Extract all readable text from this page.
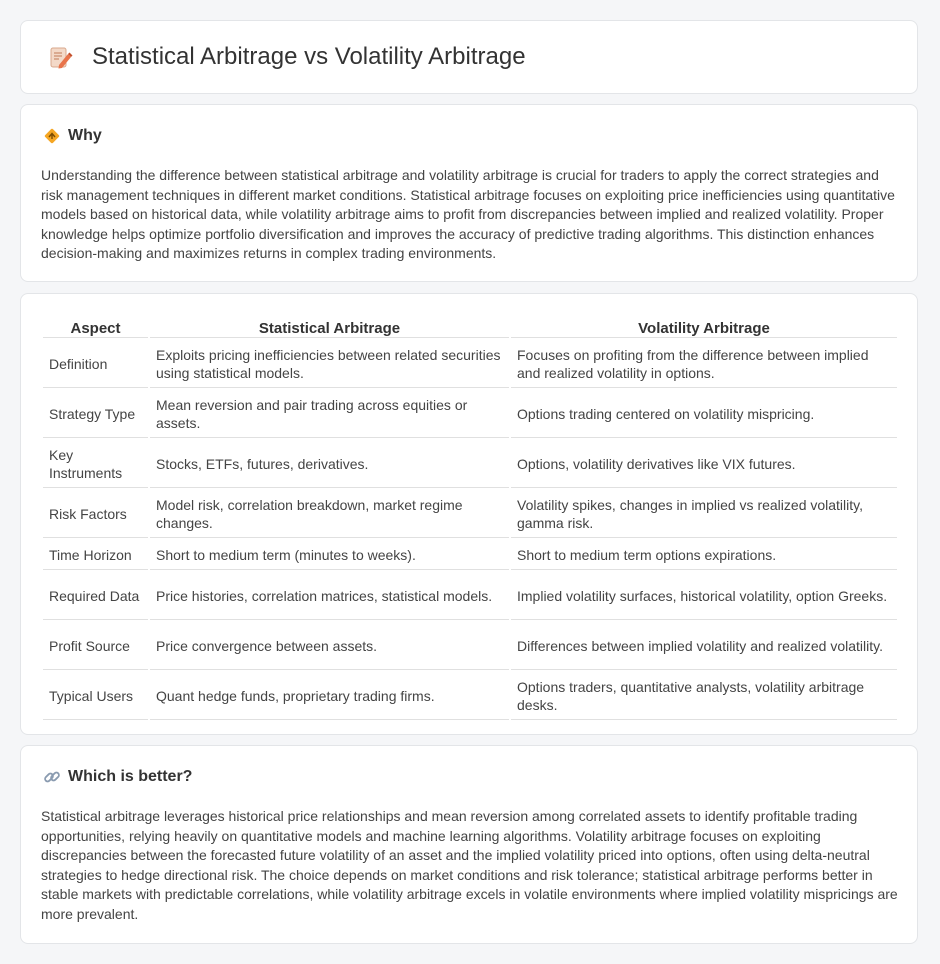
Statistical Arbitrage vs Volatility Arbitrage
Why

Understanding the difference between statistical arbitrage and volatility arbitrage is crucial for traders to apply the correct strategies and risk management techniques in different market conditions. Statistical arbitrage focuses on exploiting price inefficiencies using quantitative models based on historical data, while volatility arbitrage aims to profit from discrepancies between implied and realized volatility. Proper knowledge helps optimize portfolio diversification and improves the accuracy of predictive trading algorithms. This distinction enhances decision-making and maximizes returns in complex trading environments.

Aspect	Statistical Arbitrage	Volatility Arbitrage
Definition	Exploits pricing inefficiencies between related securities using statistical models.	Focuses on profiting from the difference between implied and realized volatility in options.
Strategy Type	Mean reversion and pair trading across equities or assets.	Options trading centered on volatility mispricing.
Key Instruments	Stocks, ETFs, futures, derivatives.	Options, volatility derivatives like VIX futures.
Risk Factors	Model risk, correlation breakdown, market regime changes.	Volatility spikes, changes in implied vs realized volatility, gamma risk.
Time Horizon	Short to medium term (minutes to weeks).	Short to medium term options expirations.
Required Data	Price histories, correlation matrices, statistical models.	Implied volatility surfaces, historical volatility, option Greeks.
Profit Source	Price convergence between assets.	Differences between implied volatility and realized volatility.
Typical Users	Quant hedge funds, proprietary trading firms.	Options traders, quantitative analysts, volatility arbitrage desks.
Which is better?

Statistical arbitrage leverages historical price relationships and mean reversion among correlated assets to identify profitable trading opportunities, relying heavily on quantitative models and machine learning algorithms. Volatility arbitrage focuses on exploiting discrepancies between the forecasted future volatility of an asset and the implied volatility priced into options, often using delta-neutral strategies to hedge directional risk. The choice depends on market conditions and risk tolerance; statistical arbitrage performs better in stable markets with predictable correlations, while volatility arbitrage excels in volatile environments where implied volatility mispricings are more prevalent.
